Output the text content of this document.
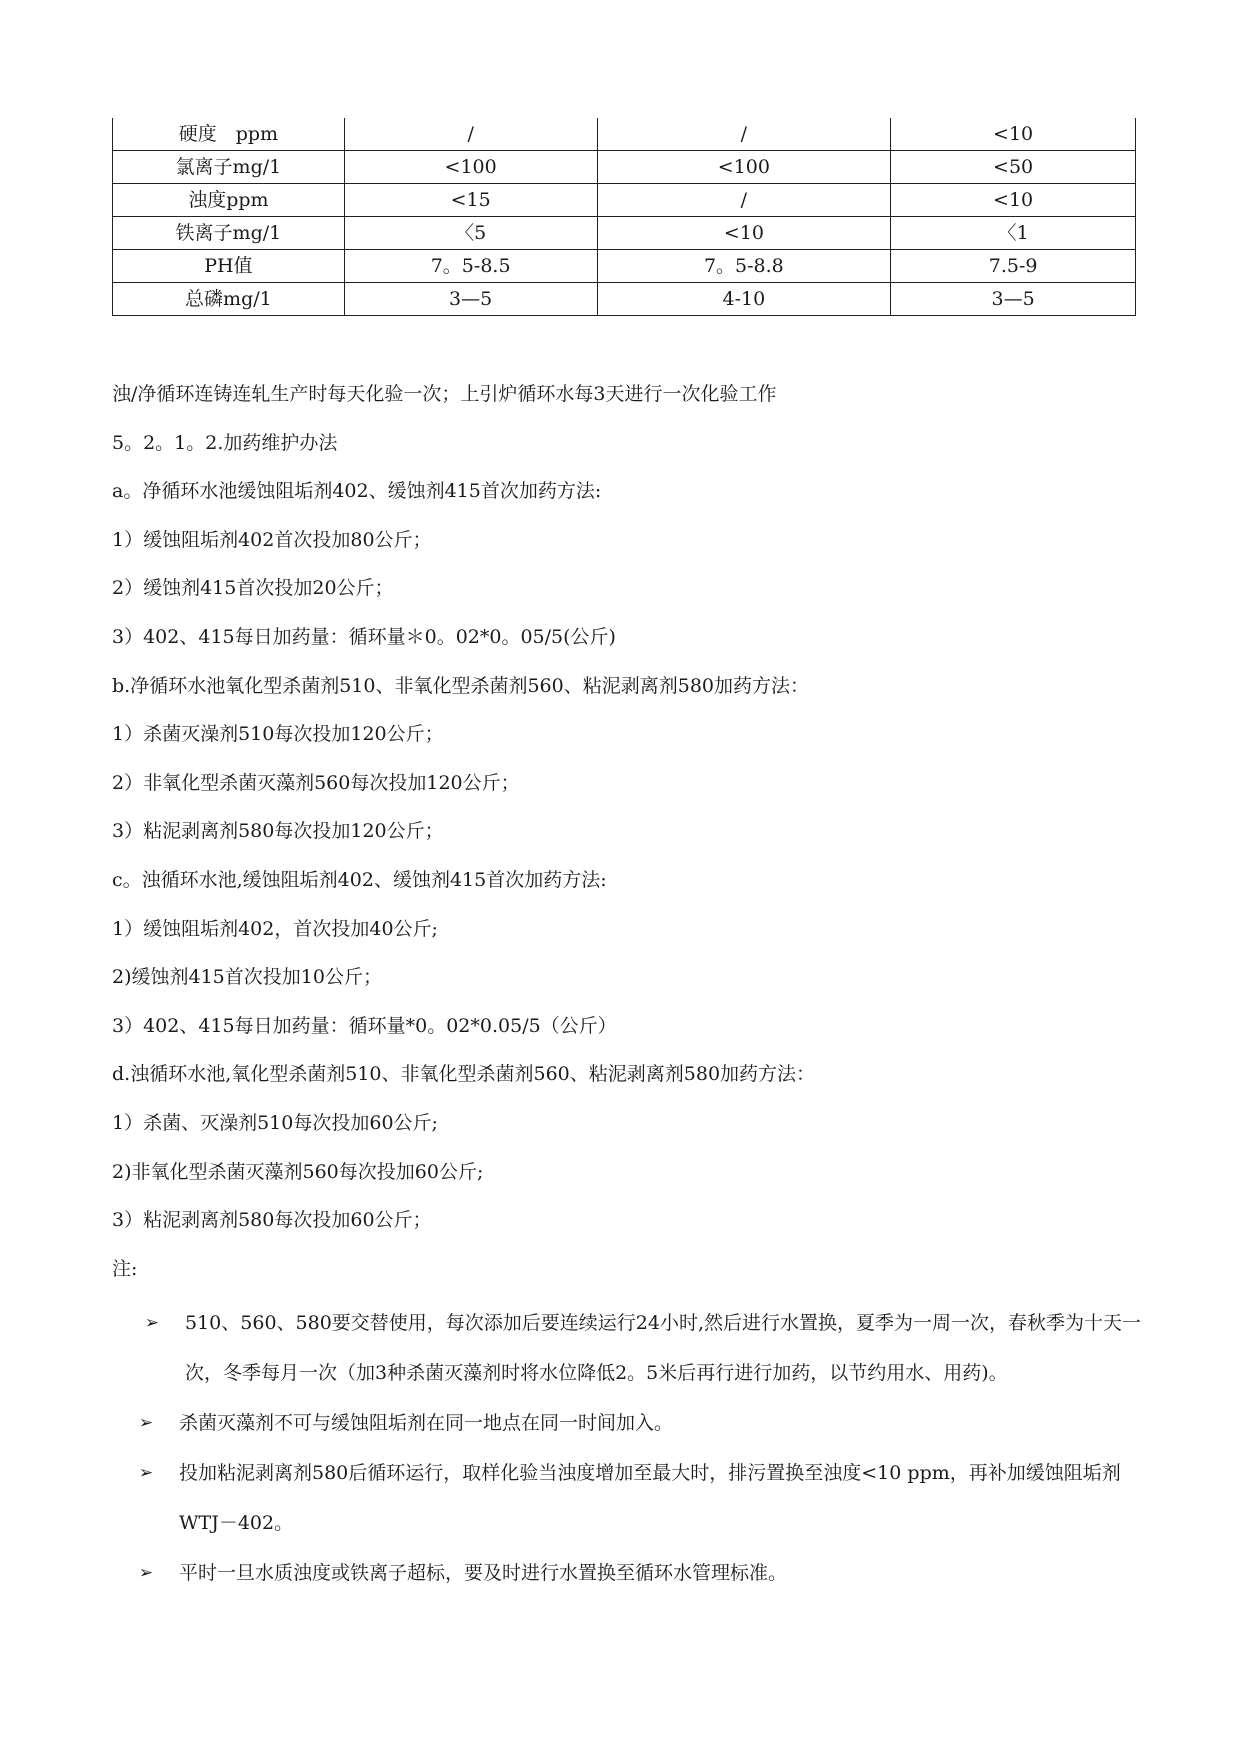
硬度　ppm	/	/	<10
氯离子mg/1	<100	<100	<50
浊度ppm	<15	/	<10
铁离子mg/1	〈5	<10	〈1
PH值	7。5-8.5	7。5-8.8	7.5-9
总磷mg/1	3—5	4-10	3—5
浊/净循环连铸连轧生产时每天化验一次；上引炉循环水每3天进行一次化验工作
5。2。1。2.加药维护办法
a。净循环水池缓蚀阻垢剂402、缓蚀剂415首次加药方法:
1）缓蚀阻垢剂402首次投加80公斤；
2）缓蚀剂415首次投加20公斤；
3）402、415每日加药量：循环量＊0。02*0。05/5(公斤)
b.净循环水池氧化型杀菌剂510、非氧化型杀菌剂560、粘泥剥离剂580加药方法：
1）杀菌灭澡剂510每次投加120公斤；
2）非氧化型杀菌灭藻剂560每次投加120公斤；
3）粘泥剥离剂580每次投加120公斤；
c。浊循环水池,缓蚀阻垢剂402、缓蚀剂415首次加药方法:
1）缓蚀阻垢剂402，首次投加40公斤;
2)缓蚀剂415首次投加10公斤；
3）402、415每日加药量：循环量*0。02*0.05/5（公斤）
d.浊循环水池,氧化型杀菌剂510、非氧化型杀菌剂560、粘泥剥离剂580加药方法：
1）杀菌、灭澡剂510每次投加60公斤;
2)非氧化型杀菌灭藻剂560每次投加60公斤;
3）粘泥剥离剂580每次投加60公斤；
注:
➢ 510、560、580要交替使用，每次添加后要连续运行24小时,然后进行水置换，夏季为一周一次，春秋季为十天一次，冬季每月一次（加3种杀菌灭藻剂时将水位降低2。5米后再行进行加药，以节约用水、用药)。
➢ 杀菌灭藻剂不可与缓蚀阻垢剂在同一地点在同一时间加入。
➢ 投加粘泥剥离剂580后循环运行，取样化验当浊度增加至最大时，排污置换至浊度<10 ppm，再补加缓蚀阻垢剂WTJ－402。
➢ 平时一旦水质浊度或铁离子超标，要及时进行水置换至循环水管理标准。
